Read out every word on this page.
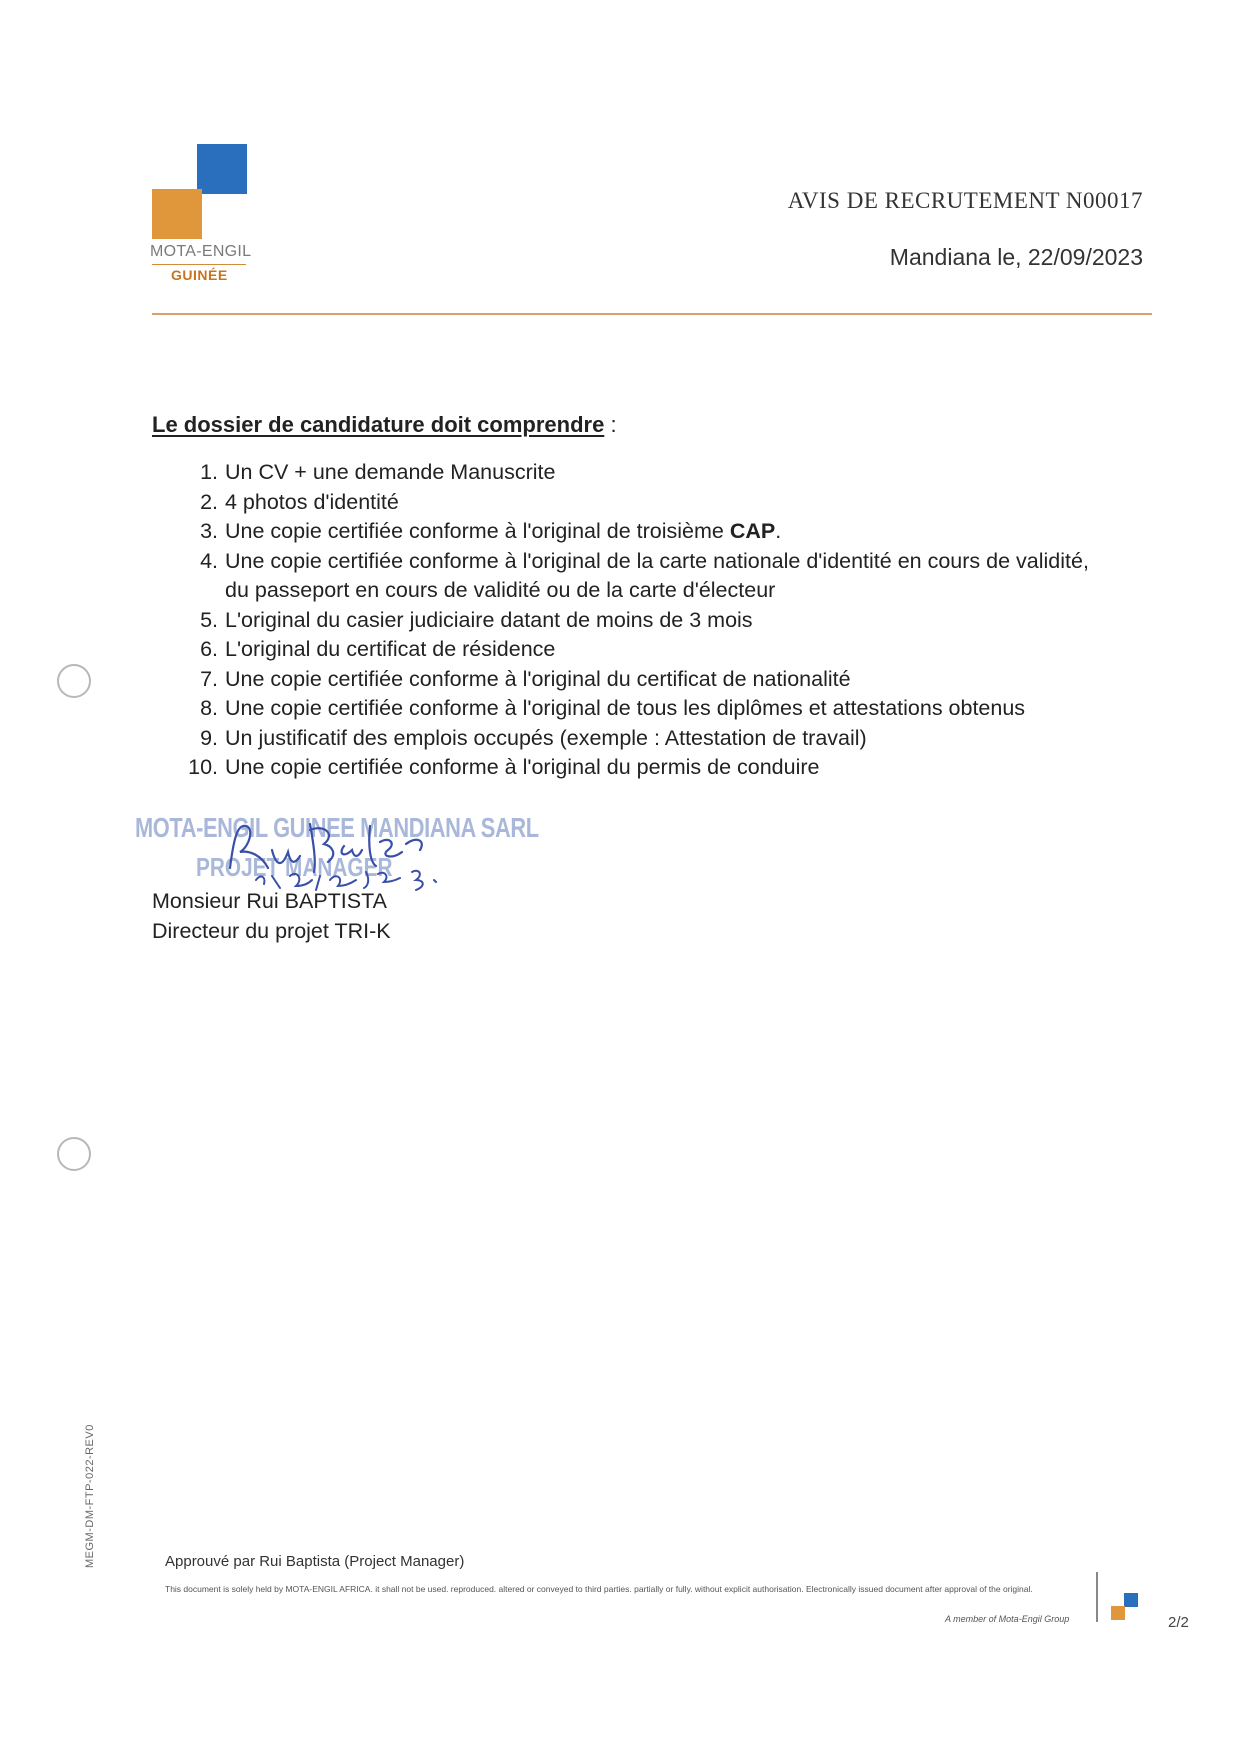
MOTA-ENGIL
GUINÉE
AVIS DE RECRUTEMENT N00017
Mandiana le, 22/09/2023
Le dossier de candidature doit comprendre :
1. Un CV + une demande Manuscrite
2. 4 photos d'identité
3. Une copie certifiée conforme à l'original de troisième CAP.
4. Une copie certifiée conforme à l'original de la carte nationale d'identité en cours de validité,
du passeport en cours de validité ou de la carte d'électeur
5. L'original du casier judiciaire datant de moins de 3 mois
6. L'original du certificat de résidence
7. Une copie certifiée conforme à l'original du certificat de nationalité
8. Une copie certifiée conforme à l'original de tous les diplômes et attestations obtenus
9. Un justificatif des emplois occupés (exemple : Attestation de travail)
10. Une copie certifiée conforme à l'original du permis de conduire
MOTA-ENGIL GUINEE MANDIANA SARL
PROJET MANAGER
Monsieur Rui BAPTISTA
Directeur du projet TRI-K
MEGM-DM-FTP-022-REV0	Approuvé par Rui Baptista (Project Manager)
This document is solely held by MOTA-ENGIL AFRICA. it shall not be used. reproduced. altered or conveyed to third parties. partially or fully. without explicit authorisation. Electronically issued document after approval of the original.
A member of Mota-Engil Group	2/2
